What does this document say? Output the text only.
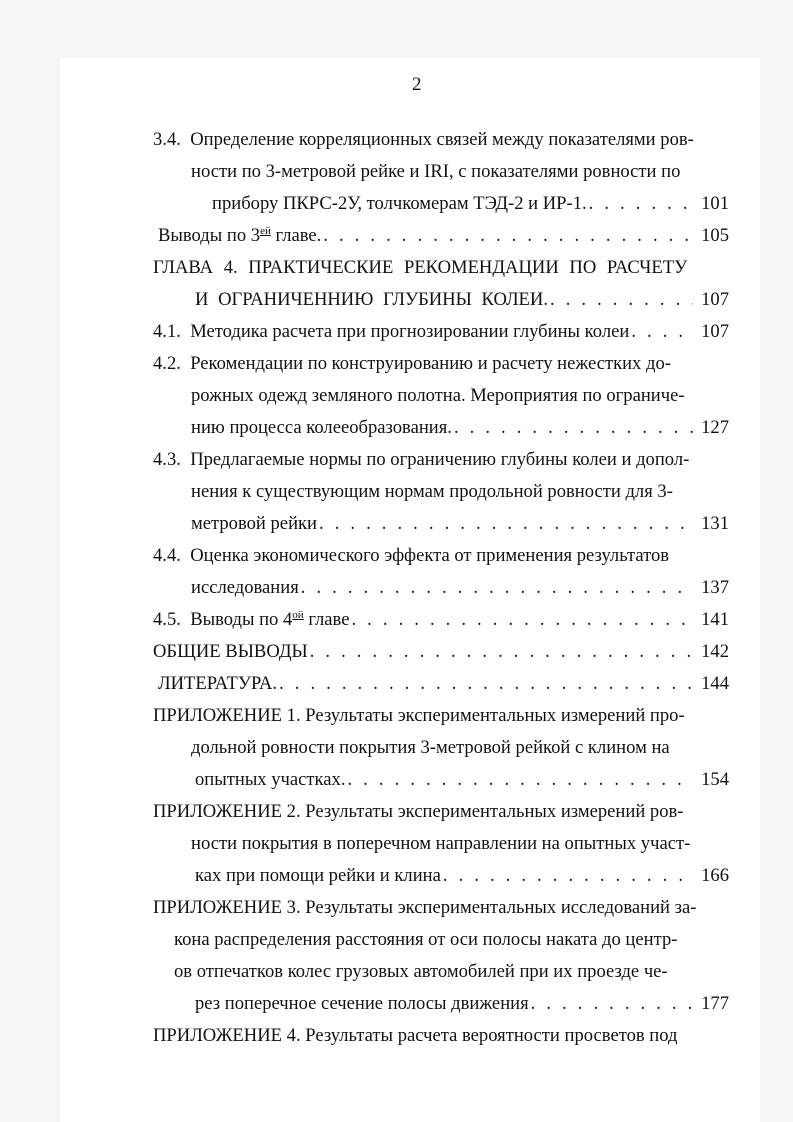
2
3.4. Определение корреляционных связей между показателями ров-
ности по 3-метровой рейке и IRI, с показателями ровности по
прибору ПКРС-2У, толчкомерам ТЭД-2 и ИР-1. . . .	101
Выводы по $3^{ей}$ главе. . . .	105
ГЛАВА 4. ПРАКТИЧЕСКИЕ РЕКОМЕНДАЦИИ ПО РАСЧЕТУ
И ОГРАНИЧЕННИЮ ГЛУБИНЫ КОЛЕИ. . . .	107
4.1. Методика расчета при прогнозировании глубины колеи . . .	107
4.2. Рекомендации по конструированию и расчету нежестких до-
рожных одежд земляного полотна. Мероприятия по ограниче-
нию процесса колееобразования. . . .	127
4.3. Предлагаемые нормы по ограничению глубины колеи и допол-
нения к существующим нормам продольной ровности для 3-
метровой рейки . . .	131
4.4. Оценка экономического эффекта от применения результатов
исследования . . .	137
4.5. Выводы по $4^{ой}$ главе . . .	141
ОБЩИЕ ВЫВОДЫ . . .	142
ЛИТЕРАТУРА. . . .	144
ПРИЛОЖЕНИЕ 1. Результаты экспериментальных измерений про-
дольной ровности покрытия 3-метровой рейкой с клином на
опытных участках. . . .	154
ПРИЛОЖЕНИЕ 2. Результаты экспериментальных измерений ров-
ности покрытия в поперечном направлении на опытных участ-
ках при помощи рейки и клина . . .	166
ПРИЛОЖЕНИЕ 3. Результаты экспериментальных исследований за-
кона распределения расстояния от оси полосы наката до центр-
ов отпечатков колес грузовых автомобилей при их проезде че-
рез поперечное сечение полосы движения . . .	177
ПРИЛОЖЕНИЕ 4. Результаты расчета вероятности просветов под
